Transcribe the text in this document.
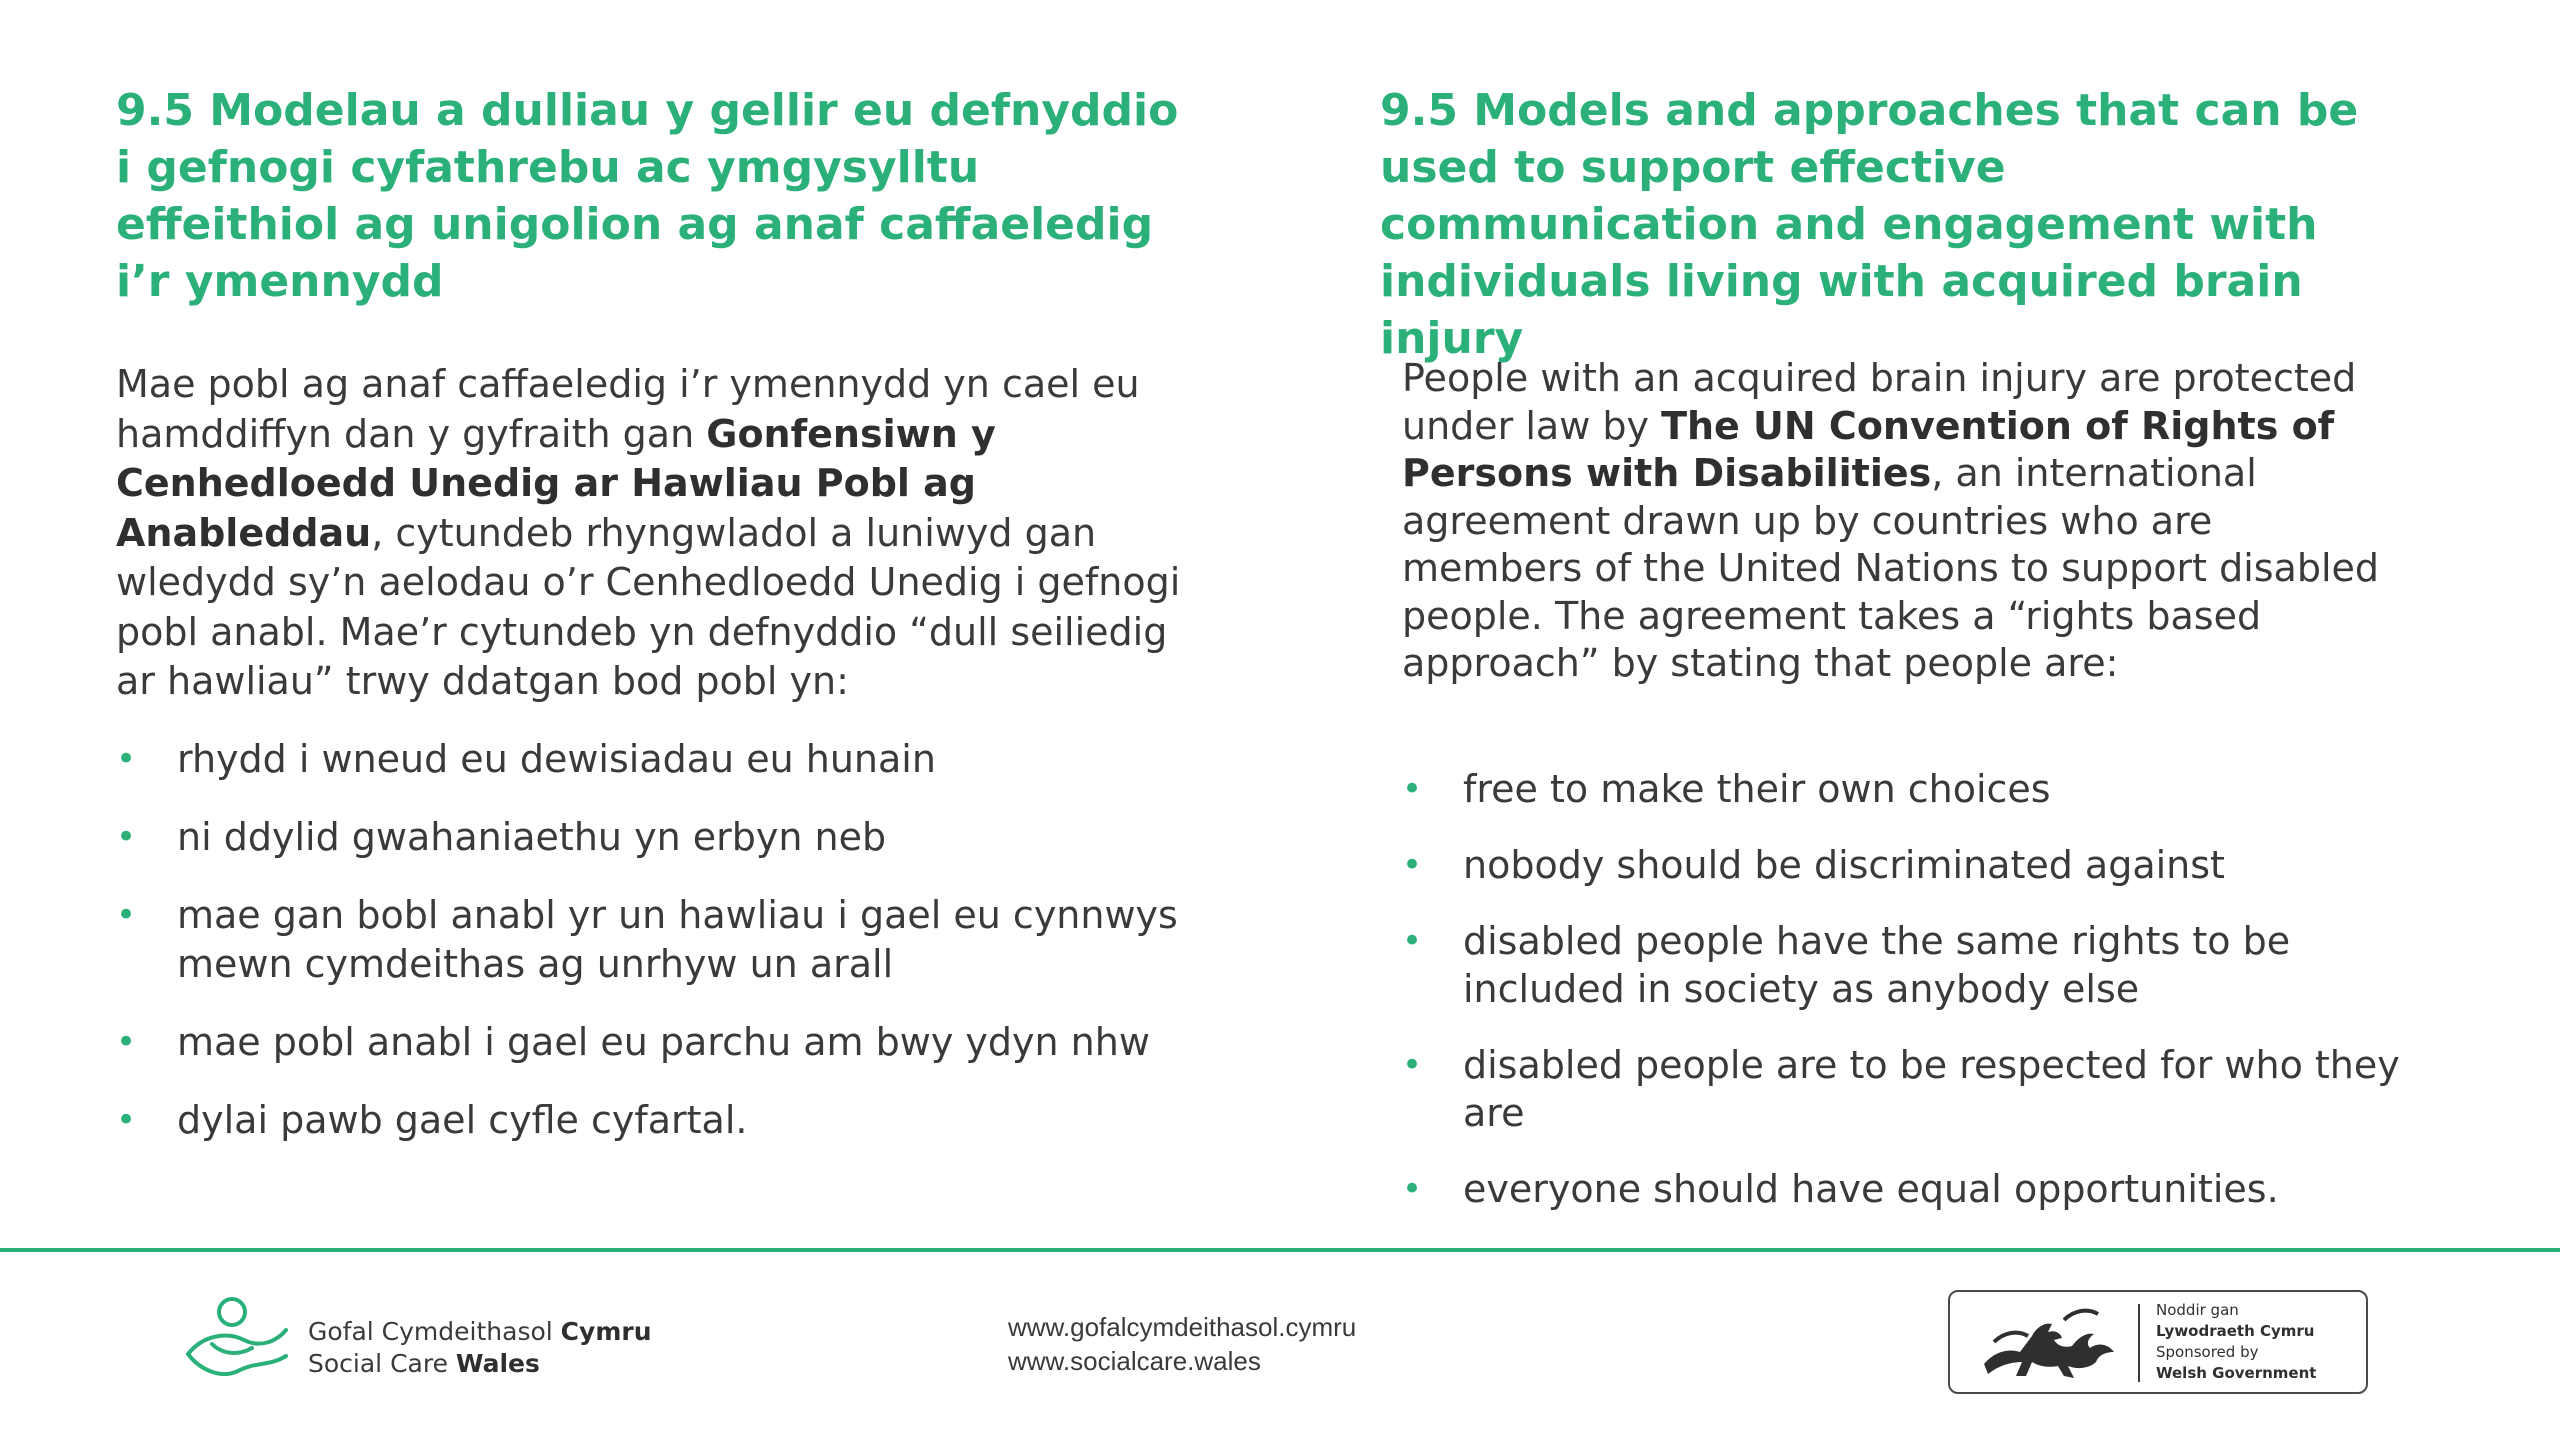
9.5 Modelau a dulliau y gellir eu defnyddio i gefnogi cyfathrebu ac ymgysylltu effeithiol ag unigolion ag anaf caffaeledig i’r ymennydd

Mae pobl ag anaf caffaeledig i’r ymennydd yn cael eu hamddiffyn dan y gyfraith gan Gonfensiwn y Cenhedloedd Unedig ar Hawliau Pobl ag Anableddau, cytundeb rhyngwladol a luniwyd gan wledydd sy’n aelodau o’r Cenhedloedd Unedig i gefnogi pobl anabl. Mae’r cytundeb yn defnyddio “dull seiliedig ar hawliau” trwy ddatgan bod pobl yn:

• rhydd i wneud eu dewisiadau eu hunain
• ni ddylid gwahaniaethu yn erbyn neb
• mae gan bobl anabl yr un hawliau i gael eu cynnwys mewn cymdeithas ag unrhyw un arall
• mae pobl anabl i gael eu parchu am bwy ydyn nhw
• dylai pawb gael cyfle cyfartal.
9.5 Models and approaches that can be used to support effective communication and engagement with individuals living with acquired brain injury

People with an acquired brain injury are protected under law by The UN Convention of Rights of Persons with Disabilities, an international agreement drawn up by countries who are members of the United Nations to support disabled people. The agreement takes a “rights based approach” by stating that people are:

• free to make their own choices
• nobody should be discriminated against
• disabled people have the same rights to be included in society as anybody else
• disabled people are to be respected for who they are
• everyone should have equal opportunities.
Gofal Cymdeithasol Cymru
Social Care Wales
www.gofalcymdeithasol.cymru
www.socialcare.wales
Noddir gan
Lywodraeth Cymru
Sponsored by
Welsh Government
